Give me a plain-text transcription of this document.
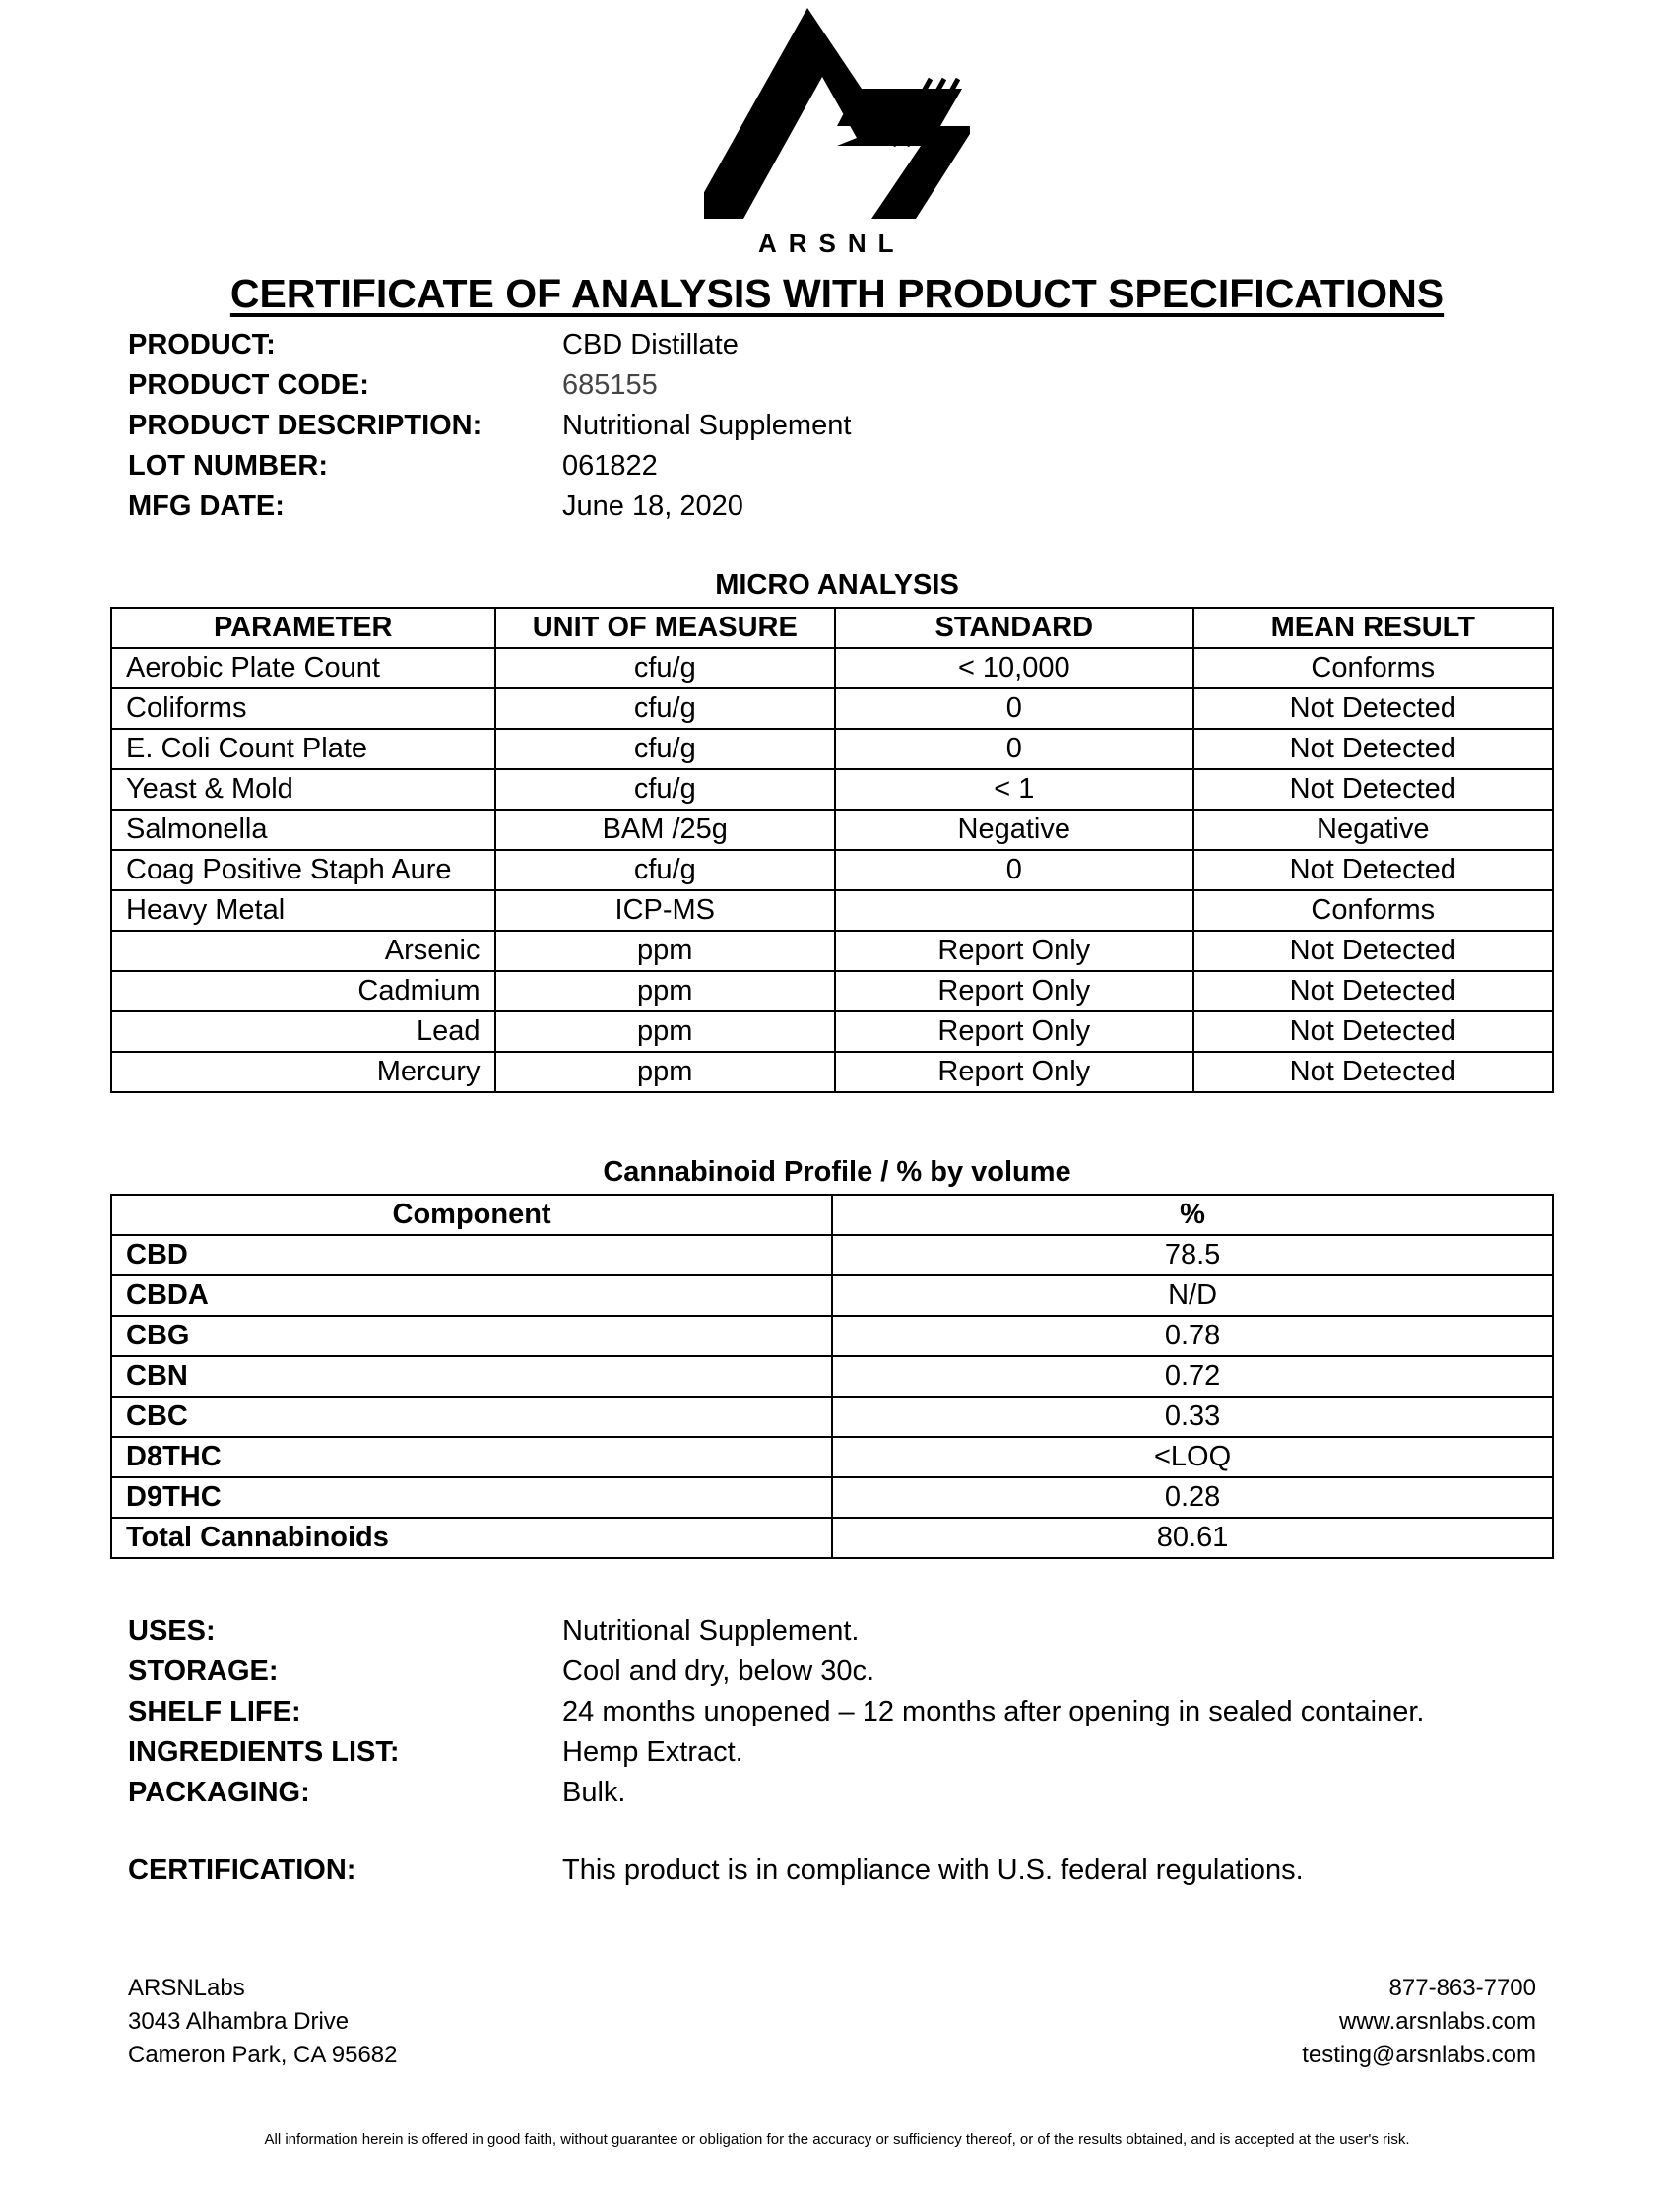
ARSNL
CERTIFICATE OF ANALYSIS WITH PRODUCT SPECIFICATIONS
PRODUCT:	CBD Distillate
PRODUCT CODE:	685155
PRODUCT DESCRIPTION:	Nutritional Supplement
LOT NUMBER:	061822
MFG DATE:	June 18, 2020
MICRO ANALYSIS
PARAMETER	UNIT OF MEASURE	STANDARD	MEAN RESULT
Aerobic Plate Count	cfu/g	< 10,000	Conforms
Coliforms	cfu/g	0	Not Detected
E. Coli Count Plate	cfu/g	0	Not Detected
Yeast & Mold	cfu/g	< 1	Not Detected
Salmonella	BAM /25g	Negative	Negative
Coag Positive Staph Aure	cfu/g	0	Not Detected
Heavy Metal	ICP-MS		Conforms
Arsenic	ppm	Report Only	Not Detected
Cadmium	ppm	Report Only	Not Detected
Lead	ppm	Report Only	Not Detected
Mercury	ppm	Report Only	Not Detected
Cannabinoid Profile / % by volume
Component	%
CBD	78.5
CBDA	N/D
CBG	0.78
CBN	0.72
CBC	0.33
D8THC	<LOQ
D9THC	0.28
Total Cannabinoids	80.61
USES:	Nutritional Supplement.
STORAGE:	Cool and dry, below 30c.
SHELF LIFE:	24 months unopened – 12 months after opening in sealed container.
INGREDIENTS LIST:	Hemp Extract.
PACKAGING:	Bulk.
CERTIFICATION:	This product is in compliance with U.S. federal regulations.
ARSNLabs
3043 Alhambra Drive
Cameron Park, CA 95682
877-863-7700
www.arsnlabs.com
testing@arsnlabs.com
All information herein is offered in good faith, without guarantee or obligation for the accuracy or sufficiency thereof, or of the results obtained, and is accepted at the user's risk.
